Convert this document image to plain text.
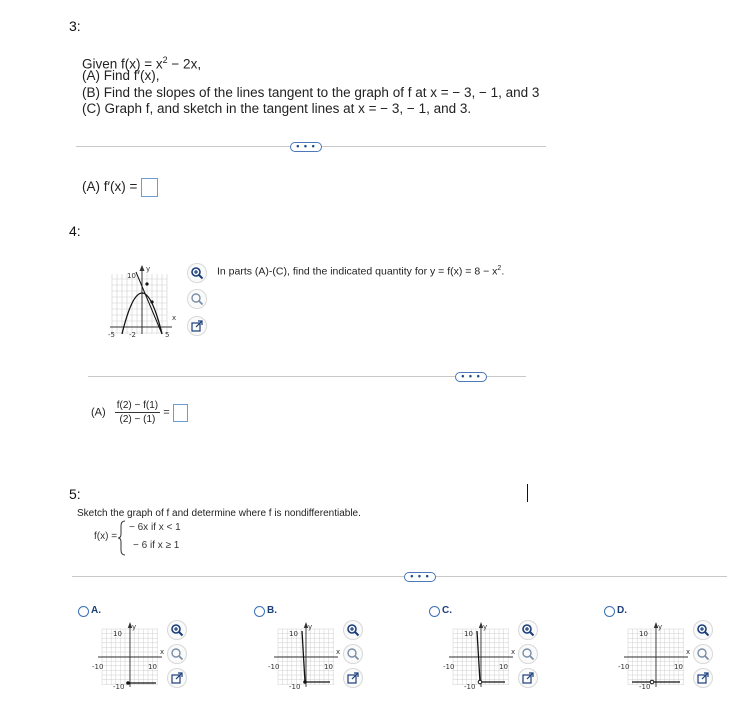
3:
Given $f(x) = x^2 - 2x$,
(A) Find f′(x),
(B) Find the slopes of the lines tangent to the graph of f at x = − 3, − 1, and 3
(C) Graph f, and sketch in the tangent lines at x = − 3, − 1, and 3.
• • •
(A) f′(x) =
4:
y
10
x
-5 -2	5
In parts (A)-(C), find the indicated quantity for $y = f(x) = 8 - x^2$.
• • •
$(A) \frac{f(2) - f(1)}{(2) - (1)}$ =
5:
Sketch the graph of f and determine where f is nondifferentiable.
f(x) =
− 6x if x < 1
− 6 if x ≥ 1
• • •
A.
y
10
x
-10	10
-10
B.
y
10
x
-10	10
-10
C.
y
10
x
-10	10
-10
D.
y
10
x
-10	10
-10
